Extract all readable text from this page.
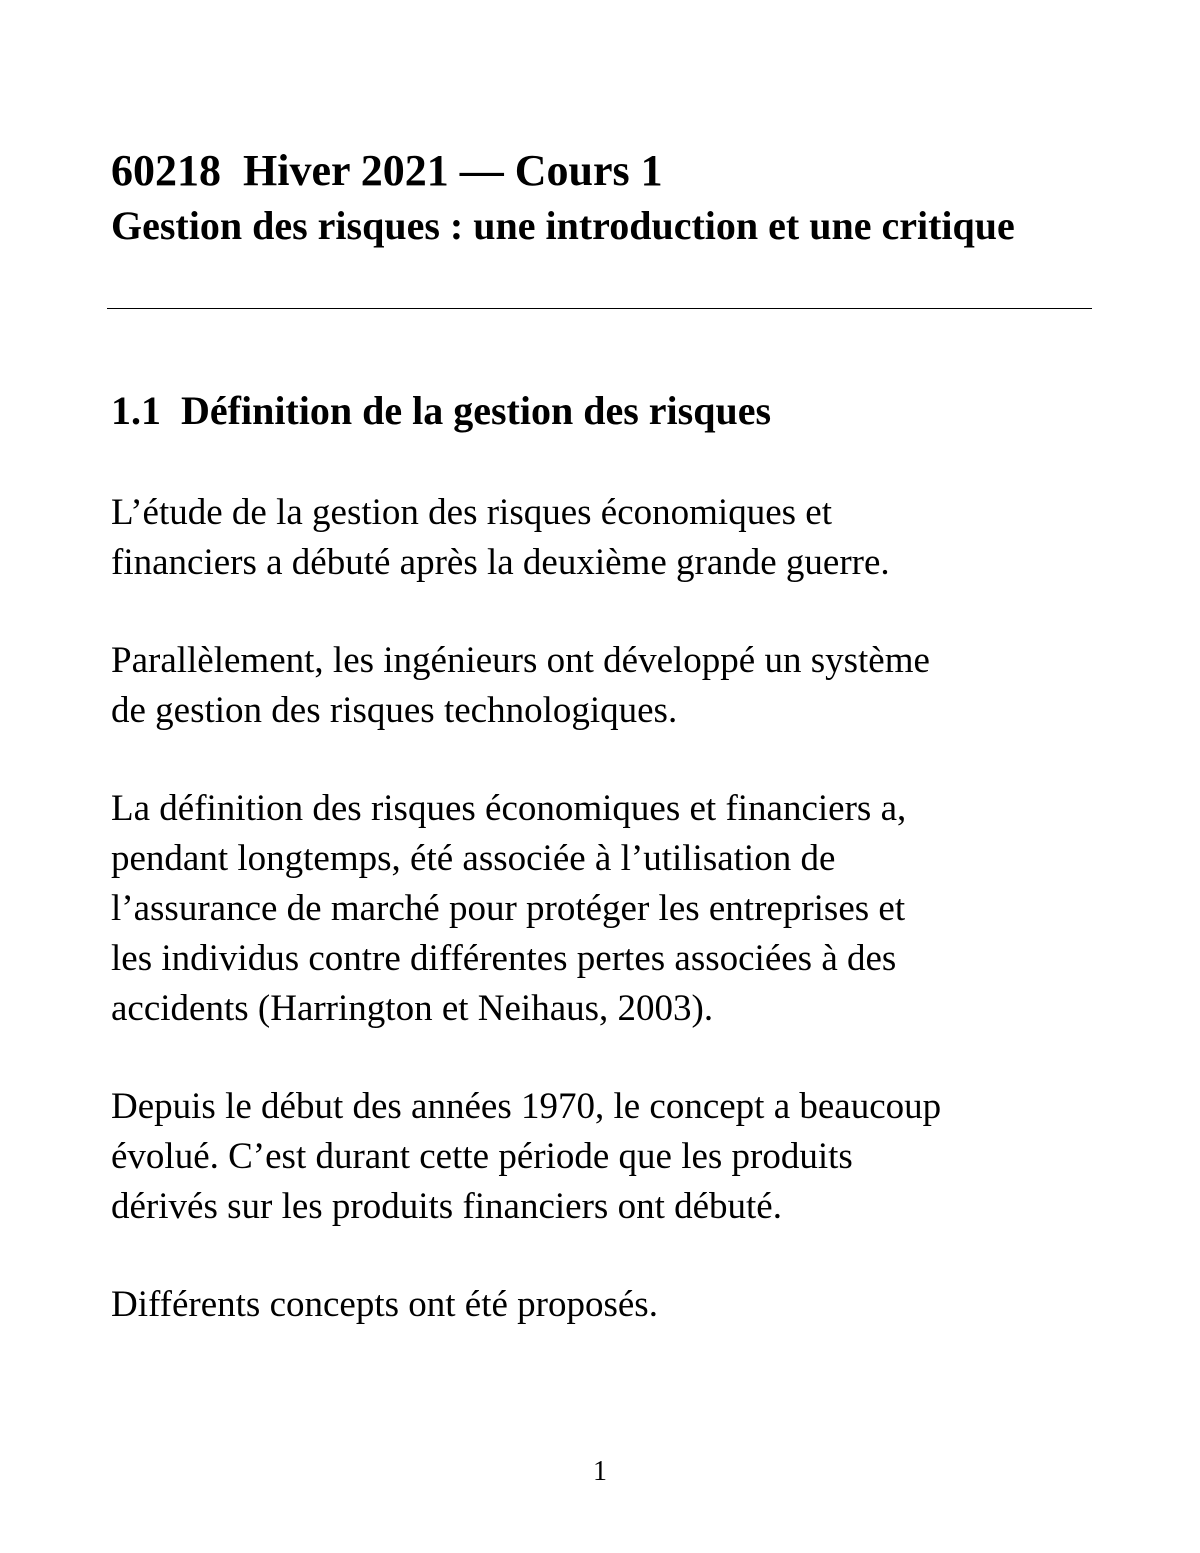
60218  Hiver 2021 — Cours 1
Gestion des risques : une introduction et une critique
1.1  Définition de la gestion des risques

L’étude de la gestion des risques économiques et
financiers a débuté après la deuxième grande guerre.

Parallèlement, les ingénieurs ont développé un système
de gestion des risques technologiques.

La définition des risques économiques et financiers a,
pendant longtemps, été associée à l’utilisation de
l’assurance de marché pour protéger les entreprises et
les individus contre différentes pertes associées à des
accidents (Harrington et Neihaus, 2003).

Depuis le début des années 1970, le concept a beaucoup
évolué. C’est durant cette période que les produits
dérivés sur les produits financiers ont débuté.

Différents concepts ont été proposés.

1
